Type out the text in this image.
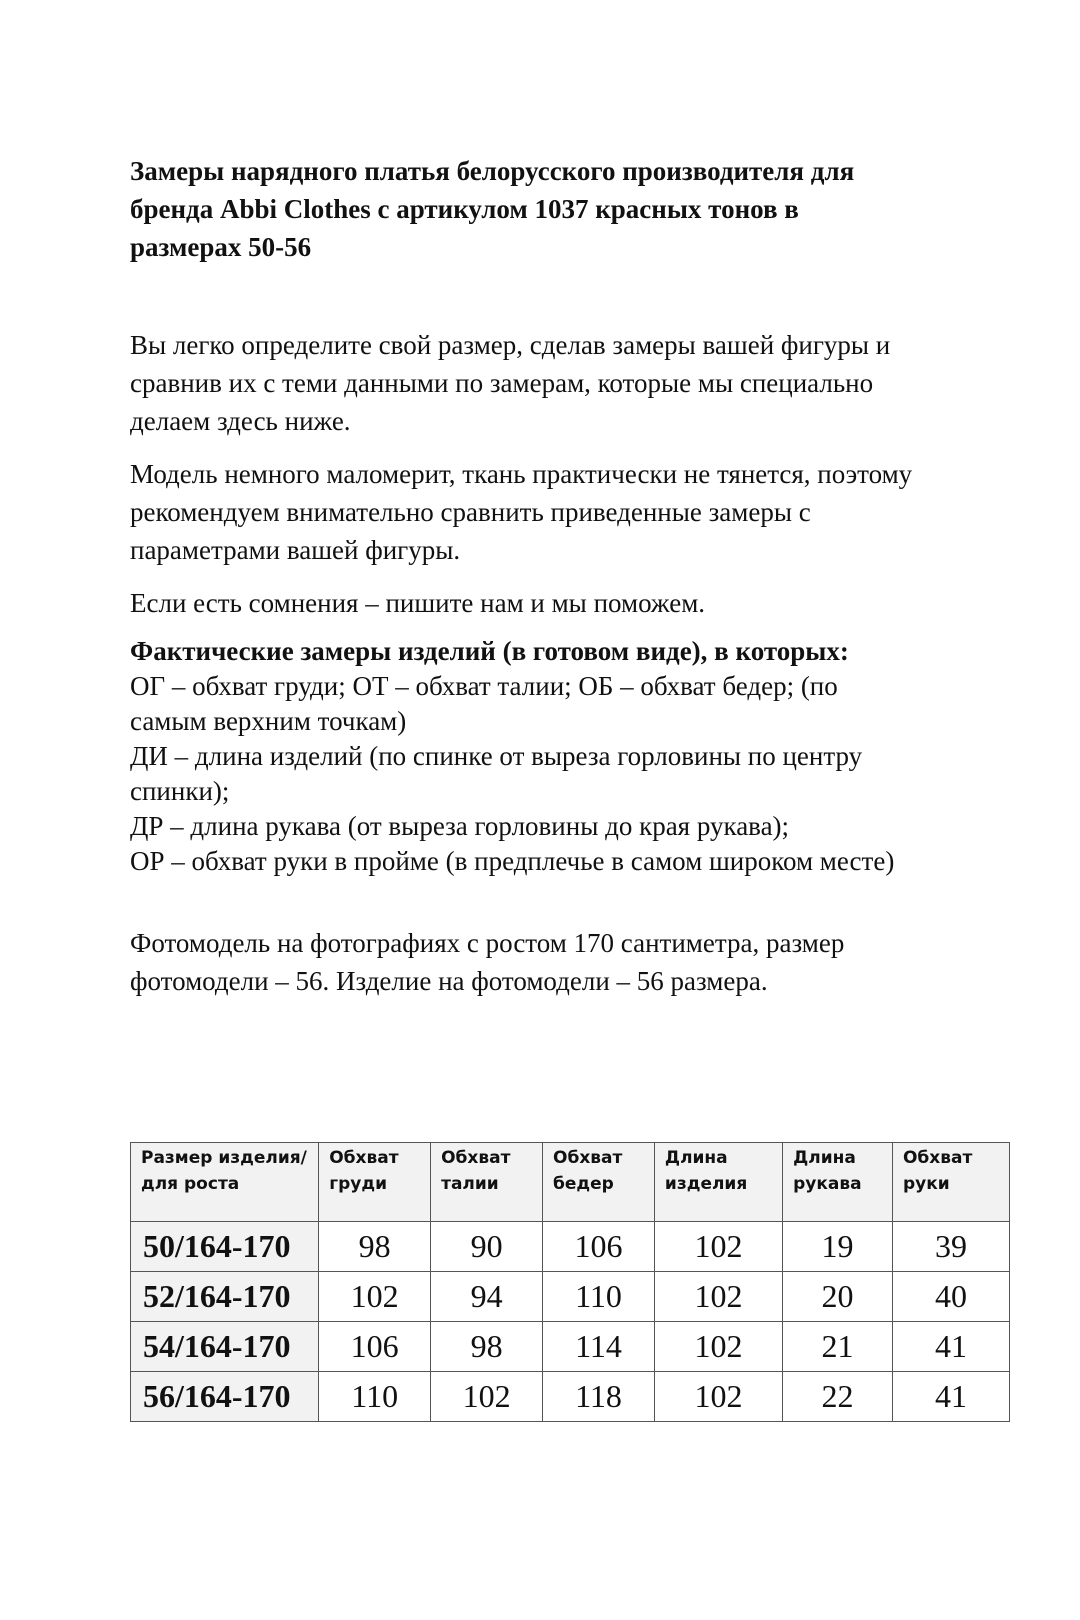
Замеры нарядного платья белорусского производителя для
бренда Abbi Clothes с артикулом 1037 красных тонов в
размерах 50-56

Вы легко определите свой размер, сделав замеры вашей фигуры и
сравнив их с теми данными по замерам, которые мы специально
делаем здесь ниже.

Модель немного маломерит, ткань практически не тянется, поэтому
рекомендуем внимательно сравнить приведенные замеры с
параметрами вашей фигуры.

Если есть сомнения – пишите нам и мы поможем.

Фактические замеры изделий (в готовом виде), в которых:

ОГ – обхват груди; ОТ – обхват талии; ОБ – обхват бедер; (по

самым верхним точкам)

ДИ – длина изделий (по спинке от выреза горловины по центру

спинки);

ДР – длина рукава (от выреза горловины до края рукава);

ОР – обхват руки в пройме (в предплечье в самом широком месте)

Фотомодель на фотографиях с ростом 170 сантиметра, размер
фотомодели – 56. Изделие на фотомодели – 56 размера.

Размер изделия/для роста	Обхват груди	Обхват талии	Обхват бедер	Длина изделия	Длина рукава	Обхват руки
50/164-170	98	90	106	102	19	39
52/164-170	102	94	110	102	20	40
54/164-170	106	98	114	102	21	41
56/164-170	110	102	118	102	22	41
